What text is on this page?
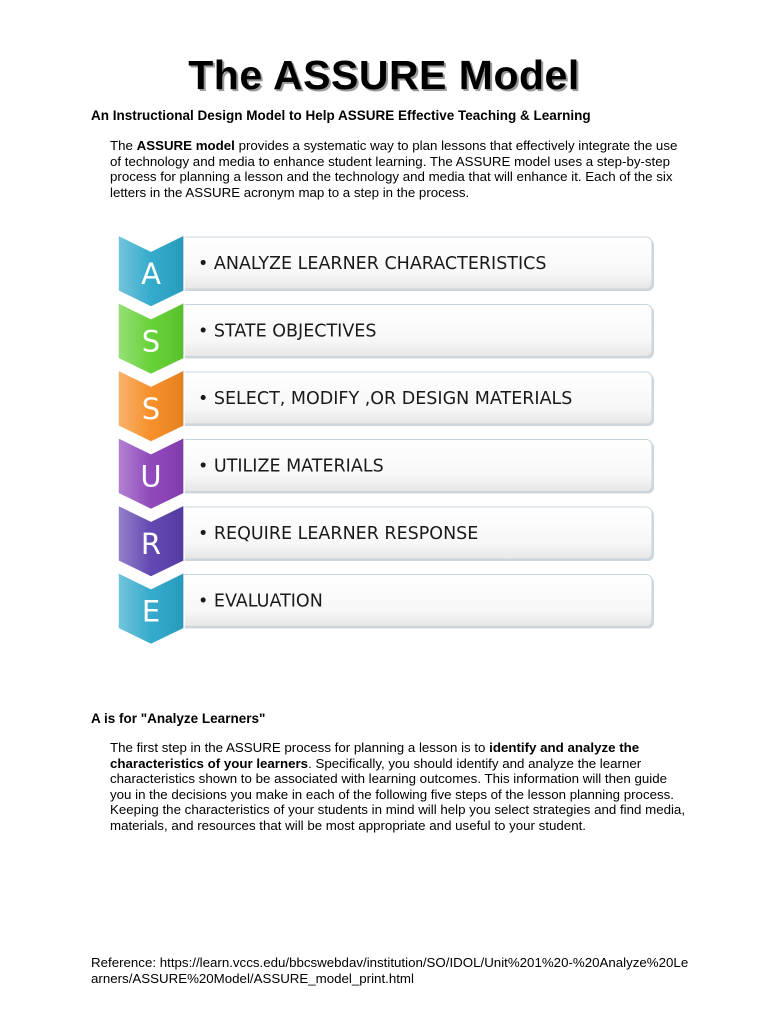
The ASSURE Model
An Instructional Design Model to Help ASSURE Effective Teaching & Learning
The ASSURE model provides a systematic way to plan lessons that effectively integrate the use of technology and media to enhance student learning. The ASSURE model uses a step-by-step process for planning a lesson and the technology and media that will enhance it. Each of the six letters in the ASSURE acronym map to a step in the process.
A • ANALYZE LEARNER CHARACTERISTICS
S • STATE OBJECTIVES
S • SELECT, MODIFY ,OR DESIGN MATERIALS
U • UTILIZE MATERIALS
R • REQUIRE LEARNER RESPONSE
E • EVALUATION
A is for "Analyze Learners"
The first step in the ASSURE process for planning a lesson is to identify and analyze the characteristics of your learners. Specifically, you should identify and analyze the learner characteristics shown to be associated with learning outcomes. This information will then guide you in the decisions you make in each of the following five steps of the lesson planning process. Keeping the characteristics of your students in mind will help you select strategies and find media, materials, and resources that will be most appropriate and useful to your student.
Reference: https://learn.vccs.edu/bbcswebdav/institution/SO/IDOL/Unit%201%20-%20Analyze%20Learners/ASSURE%20Model/ASSURE_model_print.html
